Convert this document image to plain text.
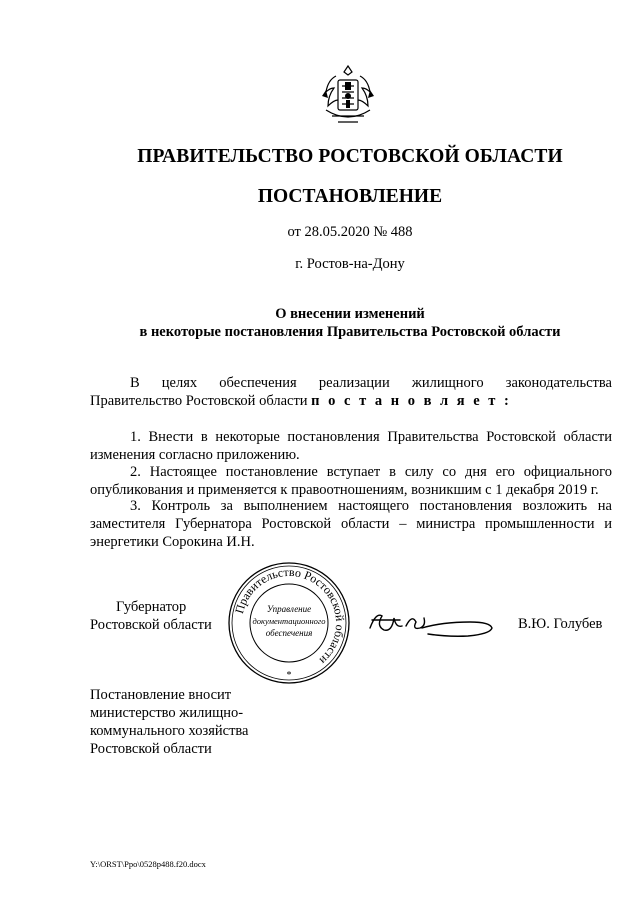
ПРАВИТЕЛЬСТВО РОСТОВСКОЙ ОБЛАСТИ
ПОСТАНОВЛЕНИЕ
от 28.05.2020 № 488
г. Ростов-на-Дону
О внесении изменений
в некоторые постановления Правительства Ростовской области
В целях обеспечения реализации жилищного законодательства
Правительство Ростовской области п о с т а н о в л я е т :
1. Внести в некоторые постановления Правительства Ростовской области изменения согласно приложению.
2. Настоящее постановление вступает в силу со дня его официального опубликования и применяется к правоотношениям, возникшим с 1 декабря 2019 г.
3. Контроль за выполнением настоящего постановления возложить на заместителя Губернатора Ростовской области – министра промышленности и энергетики Сорокина И.Н.
Губернатор
Ростовской области
Правительство Ростовской области
Управление
документационного
обеспечения
*
В.Ю. Голубев
Постановление вносит
министерство жилищно-
коммунального хозяйства
Ростовской области
Y:\ORST\Ppo\0528p488.f20.docx
